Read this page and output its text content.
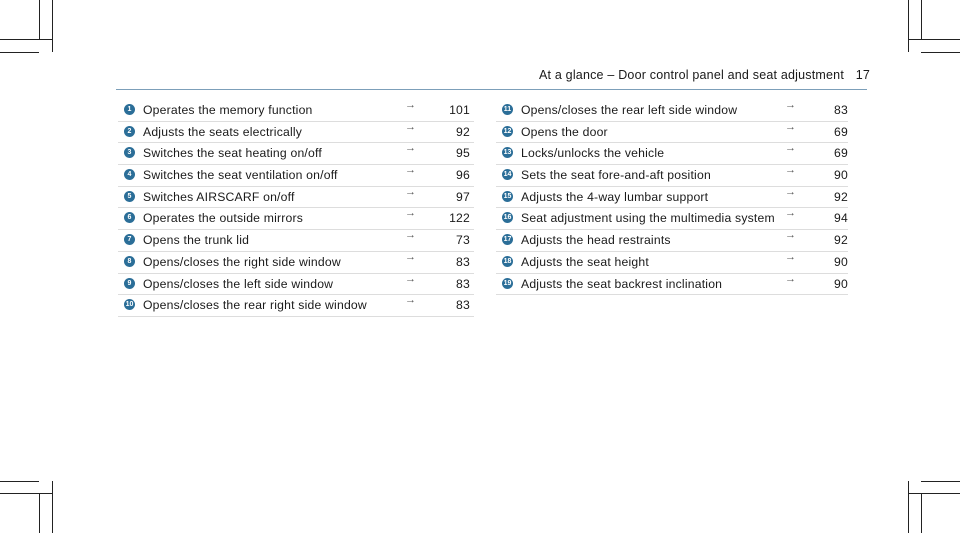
At a glance – Door control panel and seat adjustment 17
1 Operates the memory function	→	101
2 Adjusts the seats electrically	→	92
3 Switches the seat heating on/off	→	95
4 Switches the seat ventilation on/off	→	96
5 Switches AIRSCARF on/off	→	97
6 Operates the outside mirrors	→	122
7 Opens the trunk lid	→	73
8 Opens/closes the right side window	→	83
9 Opens/closes the left side window	→	83
10 Opens/closes the rear right side window	→	83
11 Opens/closes the rear left side window	→	83
12 Opens the door	→	69
13 Locks/unlocks the vehicle	→	69
14 Sets the seat fore-and-aft position	→	90
15 Adjusts the 4-way lumbar support	→	92
16 Seat adjustment using the multimedia system →	94
17 Adjusts the head restraints	→	92
18 Adjusts the seat height	→	90
19 Adjusts the seat backrest inclination	→	90
